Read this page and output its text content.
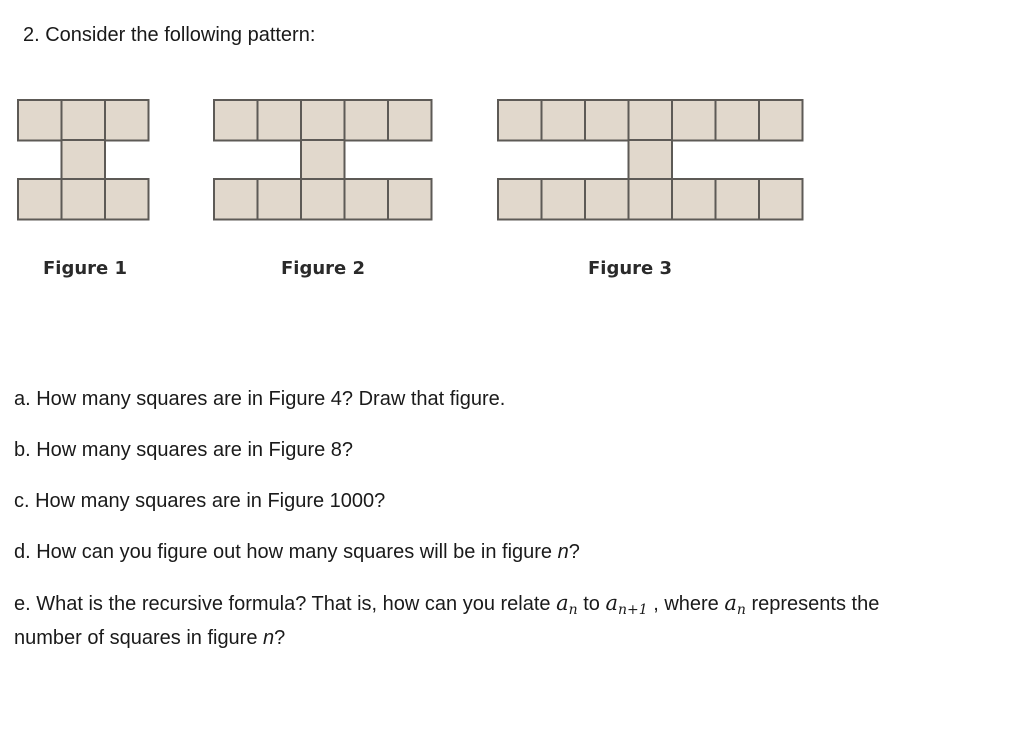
2. Consider the following pattern:
Figure 1	Figure 2	Figure 3
a. How many squares are in Figure 4? Draw that figure.
b. How many squares are in Figure 8?
c. How many squares are in Figure 1000?
d. How can you figure out how many squares will be in figure n?
e. What is the recursive formula? That is, how can you relate $a_n$ to $a_{n+1}$ , where $a_n$ represents the
number of squares in figure n?
